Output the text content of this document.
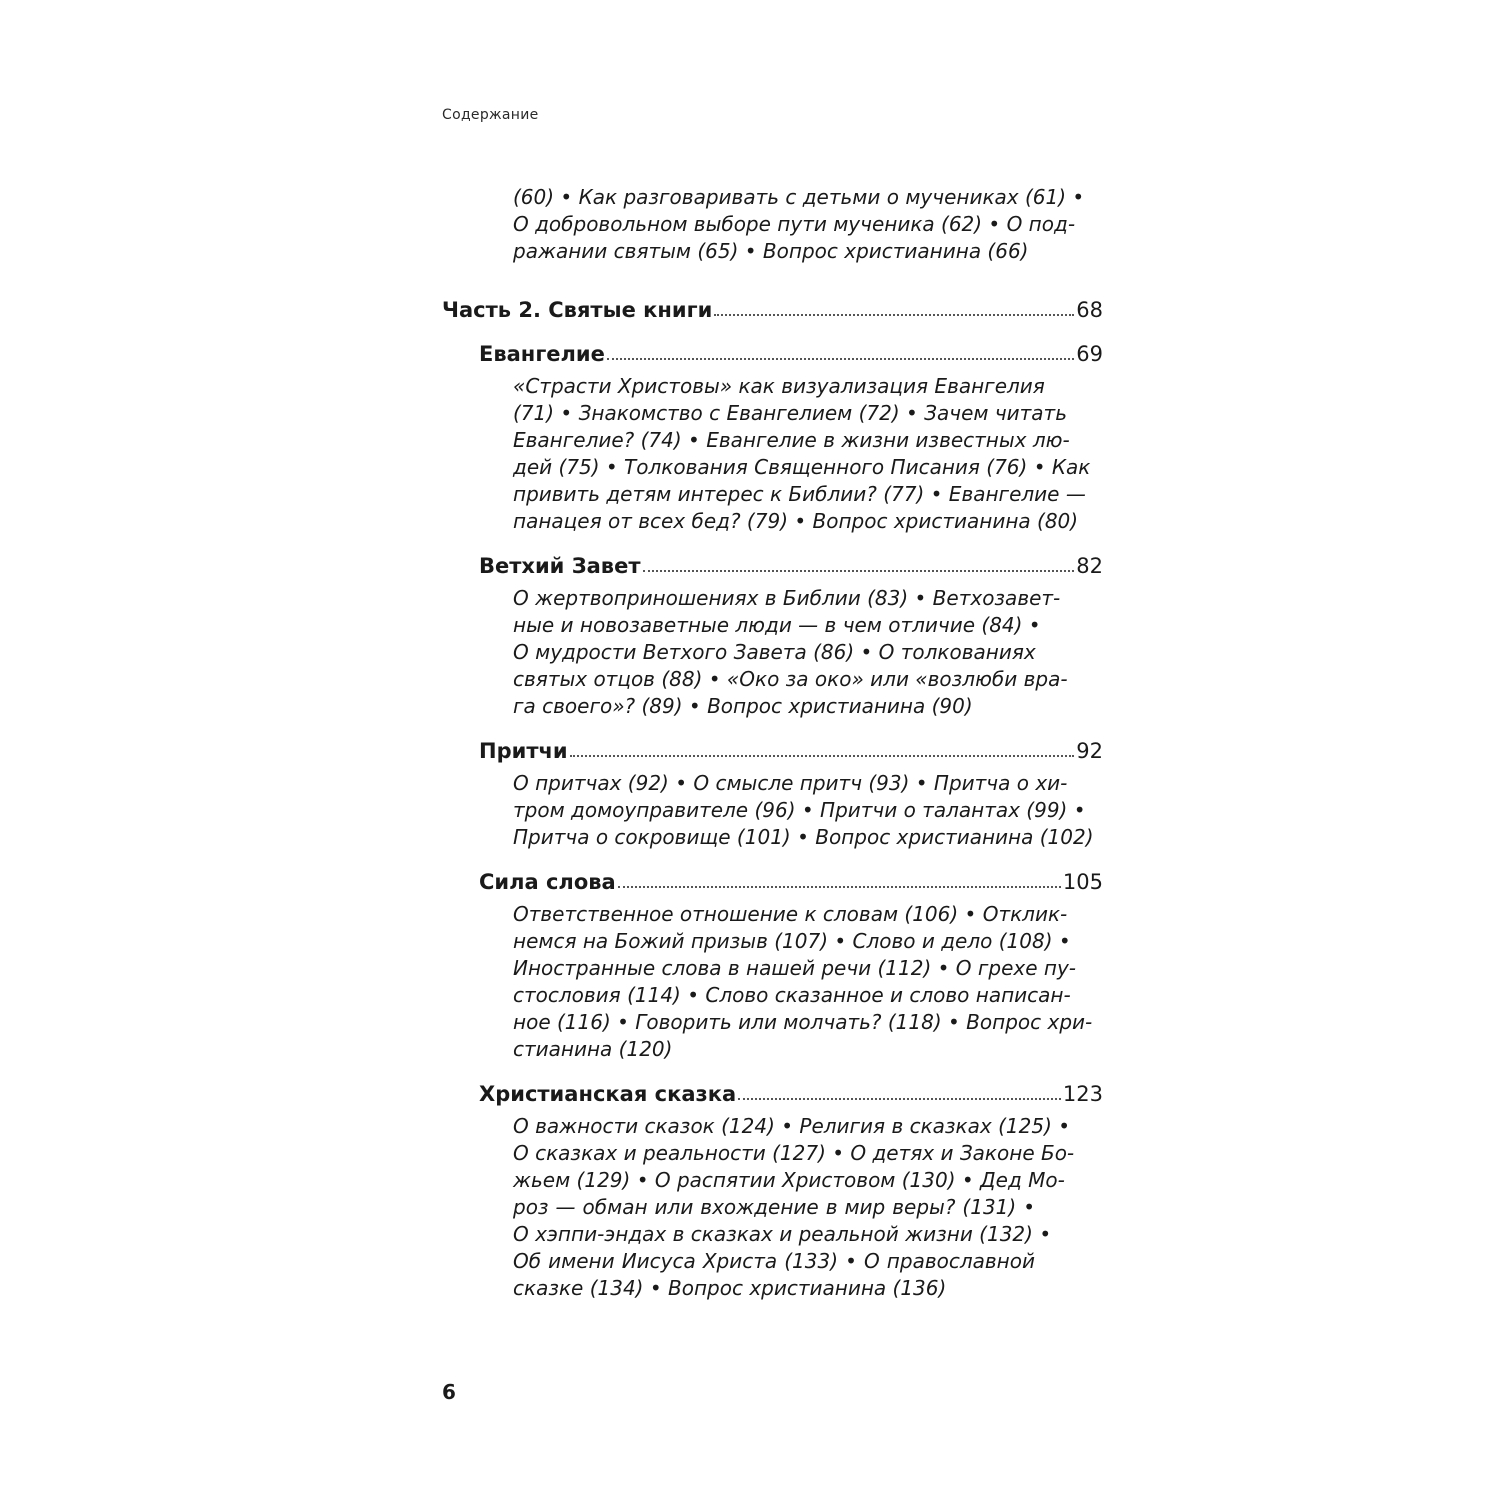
Содержание
(60) • Как разговаривать с детьми о мучениках (61) •
О добровольном выборе пути мученика (62) • О под-
ражании святым (65) • Вопрос христианина (66)
Часть 2. Святые книги	68
Евангелие	69
«Страсти Христовы» как визуализация Евангелия
(71) • Знакомство с Евангелием (72) • Зачем читать
Евангелие? (74) • Евангелие в жизни известных лю-
дей (75) • Толкования Священного Писания (76) • Как
привить детям интерес к Библии? (77) • Евангелие —
панацея от всех бед? (79) • Вопрос христианина (80)
Ветхий Завет	82
О жертвоприношениях в Библии (83) • Ветхозавет-
ные и новозаветные люди — в чем отличие (84) •
О мудрости Ветхого Завета (86) • О толкованиях
святых отцов (88) • «Око за око» или «возлюби вра-
га своего»? (89) • Вопрос христианина (90)
Притчи	92
О притчах (92) • О смысле притч (93) • Притча о хи-
тром домоуправителе (96) • Притчи о талантах (99) •
Притча о сокровище (101) • Вопрос христианина (102)
Сила слова	105
Ответственное отношение к словам (106) • Отклик-
немся на Божий призыв (107) • Слово и дело (108) •
Иностранные слова в нашей речи (112) • О грехе пу-
стословия (114) • Слово сказанное и слово написан-
ное (116) • Говорить или молчать? (118) • Вопрос хри-
стианина (120)
Христианская сказка	123
О важности сказок (124) • Религия в сказках (125) •
О сказках и реальности (127) • О детях и Законе Бо-
жьем (129) • О распятии Христовом (130) • Дед Мо-
роз — обман или вхождение в мир веры? (131) •
О хэппи-эндах в сказках и реальной жизни (132) •
Об имени Иисуса Христа (133) • О православной
сказке (134) • Вопрос христианина (136)
6
